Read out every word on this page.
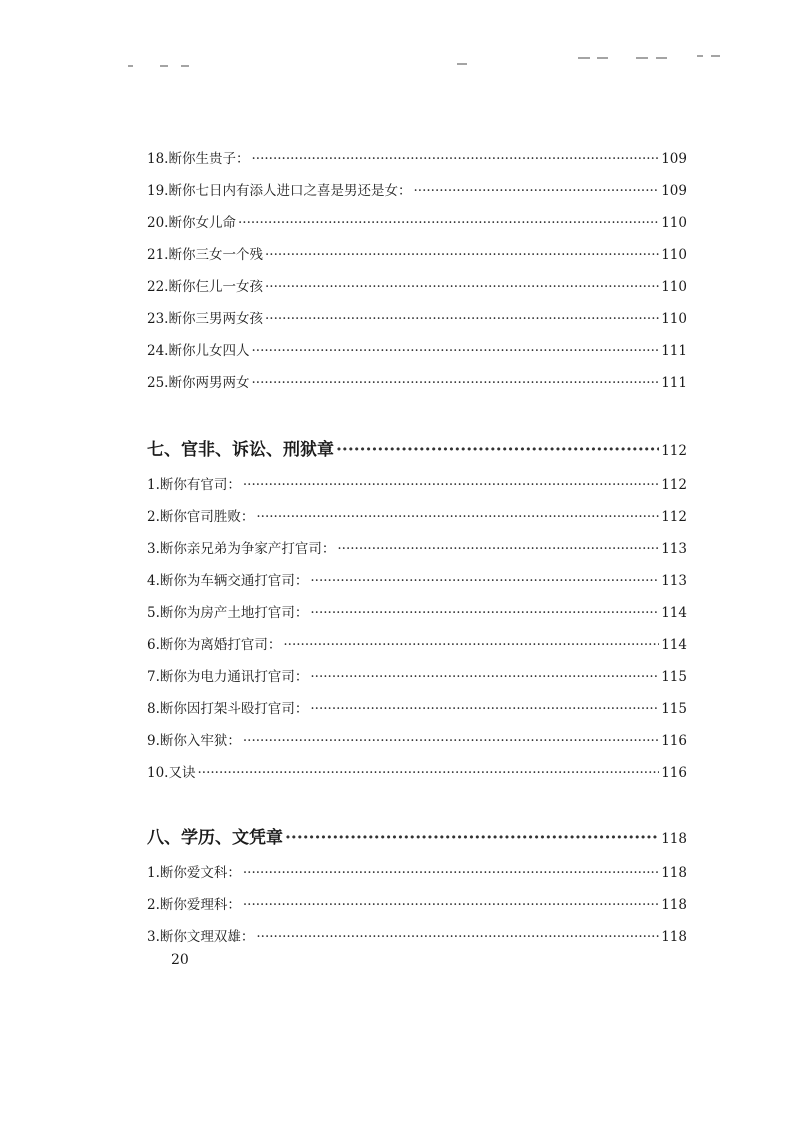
18.断你生贵子： ·····	109
19.断你七日内有添人进口之喜是男还是女： ·····	109
20.断你女儿命 ·····	110
21.断你三女一个残 ·····	110
22.断你仨儿一女孩 ·····	110
23.断你三男两女孩 ·····	110
24.断你儿女四人 ·····	111
25.断你两男两女 ·····	111
七、官非、诉讼、刑狱章 ·····	112
1.断你有官司： ·····	112
2.断你官司胜败： ·····	112
3.断你亲兄弟为争家产打官司： ·····	113
4.断你为车辆交通打官司： ·····	113
5.断你为房产土地打官司： ·····	114
6.断你为离婚打官司： ·····	114
7.断你为电力通讯打官司： ·····	115
8.断你因打架斗殴打官司： ·····	115
9.断你入牢狱： ·····	116
10.又诀 ·····	116
八、学历、文凭章 ·····	118
1.断你爱文科： ·····	118
2.断你爱理科： ·····	118
3.断你文理双雄： ·····	118
20
